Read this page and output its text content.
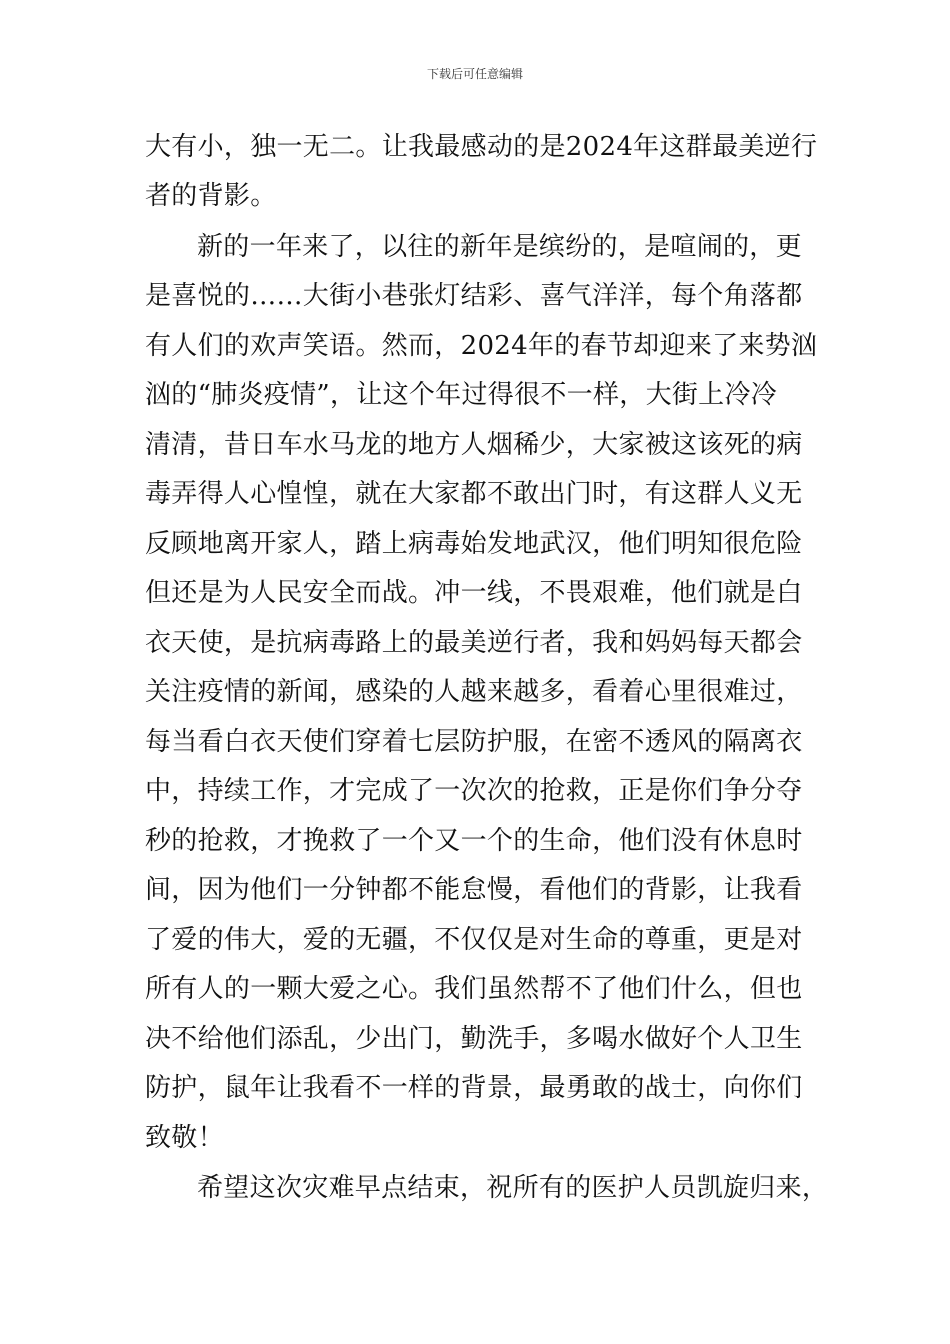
下载后可任意编辑
大有小，独一无二。让我最感动的是2024年这群最美逆行
者的背影。
新的一年来了，以往的新年是缤纷的，是喧闹的，更
是喜悦的……大街小巷张灯结彩、喜气洋洋，每个角落都
有人们的欢声笑语。然而，2024年的春节却迎来了来势汹
汹的“肺炎疫情”，让这个年过得很不一样，大街上冷冷
清清，昔日车水马龙的地方人烟稀少，大家被这该死的病
毒弄得人心惶惶，就在大家都不敢出门时，有这群人义无
反顾地离开家人，踏上病毒始发地武汉，他们明知很危险
但还是为人民安全而战。冲一线，不畏艰难，他们就是白
衣天使，是抗病毒路上的最美逆行者，我和妈妈每天都会
关注疫情的新闻，感染的人越来越多，看着心里很难过，
每当看白衣天使们穿着七层防护服，在密不透风的隔离衣
中，持续工作，才完成了一次次的抢救，正是你们争分夺
秒的抢救，才挽救了一个又一个的生命，他们没有休息时
间，因为他们一分钟都不能怠慢，看他们的背影，让我看
了爱的伟大，爱的无疆，不仅仅是对生命的尊重，更是对
所有人的一颗大爱之心。我们虽然帮不了他们什么，但也
决不给他们添乱，少出门，勤洗手，多喝水做好个人卫生
防护，鼠年让我看不一样的背景，最勇敢的战士，向你们
致敬！
希望这次灾难早点结束，祝所有的医护人员凯旋归来，
